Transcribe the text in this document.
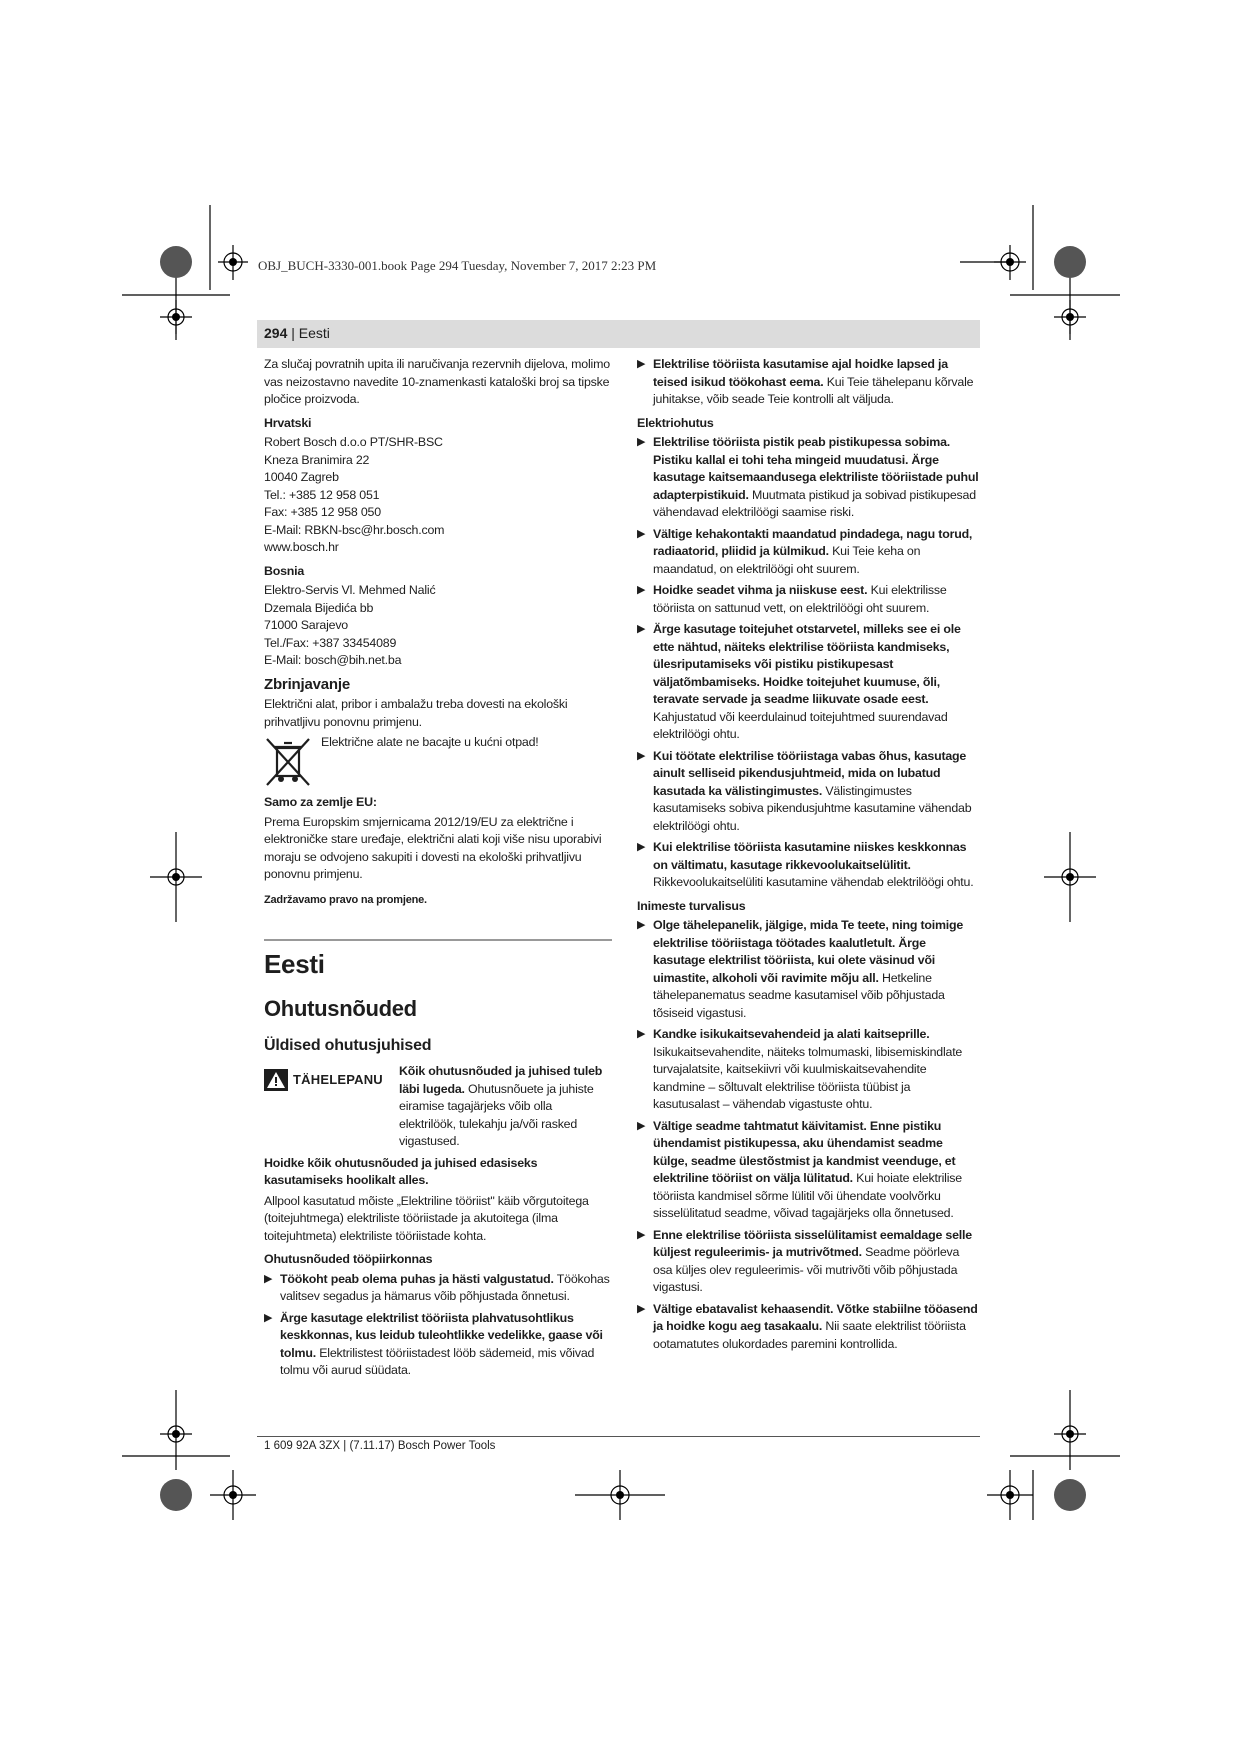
OBJ_BUCH-3330-001.book Page 294 Tuesday, November 7, 2017 2:23 PM
294 | Eesti

Za slučaj povratnih upita ili naručivanja rezervnih dijelova, molimo vas neizostavno navedite 10-znamenkasti kataloški broj sa tipske pločice proizvoda.

Hrvatski
Robert Bosch d.o.o PT/SHR-BSC
Kneza Branimira 22
10040 Zagreb
Tel.: +385 12 958 051
Fax: +385 12 958 050
E-Mail: RBKN-bsc@hr.bosch.com
www.bosch.hr
Bosnia
Elektro-Servis Vl. Mehmed Nalić
Dzemala Bijedića bb
71000 Sarajevo
Tel./Fax: +387 33454089
E-Mail: bosch@bih.net.ba
Zbrinjavanje

Električni alat, pribor i ambalažu treba dovesti na ekološki prihvatljivu ponovnu primjenu.

Električne alate ne bacajte u kućni otpad!
Samo za zemlje EU:

Prema Europskim smjernicama 2012/19/EU za električne i elektroničke stare uređaje, električni alati koji više nisu uporabivi moraju se odvojeno sakupiti i dovesti na ekološki prihvatljivu ponovnu primjenu.

Zadržavamo pravo na promjene.
Eesti
Ohutusnõuded
Üldised ohutusjuhised
TÄHELEPANU

Kõik ohutusnõuded ja juhised tuleb läbi lugeda. Ohutusnõuete ja juhiste eiramise tagajärjeks võib olla elektrilöök, tulekahju ja/või rasked vigastused.

Hoidke kõik ohutusnõuded ja juhised edasiseks kasutamiseks hoolikalt alles.

Allpool kasutatud mõiste „Elektriline tööriist" käib võrgutoitega (toitejuhtmega) elektriliste tööriistade ja akutoitega (ilma toitejuhtmeta) elektriliste tööriistade kohta.

Ohutusnõuded tööpiirkonnas
▶ Töökoht peab olema puhas ja hästi valgustatud. Töökohas valitsev segadus ja hämarus võib põhjustada õnnetusi.
▶ Ärge kasutage elektrilist tööriista plahvatusohtlikus keskkonnas, kus leidub tuleohtlikke vedelikke, gaase või tolmu. Elektrilistest tööriistadest lööb sädemeid, mis võivad tolmu või aurud süüdata.
▶ Elektrilise tööriista kasutamise ajal hoidke lapsed ja teised isikud töökohast eema. Kui Teie tähelepanu kõrvale juhitakse, võib seade Teie kontrolli alt väljuda.
Elektriohutus
▶ Elektrilise tööriista pistik peab pistikupessa sobima. Pistiku kallal ei tohi teha mingeid muudatusi. Ärge kasutage kaitsemaandusega elektriliste tööriistade puhul adapterpistikuid. Muutmata pistikud ja sobivad pistikupesad vähendavad elektrilöögi saamise riski.
▶ Vältige kehakontakti maandatud pindadega, nagu torud, radiaatorid, pliidid ja külmikud. Kui Teie keha on maandatud, on elektrilöögi oht suurem.
▶ Hoidke seadet vihma ja niiskuse eest. Kui elektrilisse tööriista on sattunud vett, on elektrilöögi oht suurem.
▶ Ärge kasutage toitejuhet otstarvetel, milleks see ei ole ette nähtud, näiteks elektrilise tööriista kandmiseks, ülesriputamiseks või pistiku pistikupesast väljatõmbamiseks. Hoidke toitejuhet kuumuse, õli, teravate servade ja seadme liikuvate osade eest. Kahjustatud või keerdulainud toitejuhtmed suurendavad elektrilöögi ohtu.
▶ Kui töötate elektrilise tööriistaga vabas õhus, kasutage ainult selliseid pikendusjuhtmeid, mida on lubatud kasutada ka välistingimustes. Välistingimustes kasutamiseks sobiva pikendusjuhtme kasutamine vähendab elektrilöögi ohtu.
▶ Kui elektrilise tööriista kasutamine niiskes keskkonnas on vältimatu, kasutage rikkevoolukaitselülitit. Rikkevoolukaitselüliti kasutamine vähendab elektrilöögi ohtu.
Inimeste turvalisus
▶ Olge tähelepanelik, jälgige, mida Te teete, ning toimige elektrilise tööriistaga töötades kaalutletult. Ärge kasutage elektrilist tööriista, kui olete väsinud või uimastite, alkoholi või ravimite mõju all. Hetkeline tähelepanematus seadme kasutamisel võib põhjustada tõsiseid vigastusi.
▶ Kandke isikukaitsevahendeid ja alati kaitseprille. Isikukaitsevahendite, näiteks tolmumaski, libisemiskindlate turvajalatsite, kaitsekiivri või kuulmiskaitsevahendite kandmine – sõltuvalt elektrilise tööriista tüübist ja kasutusalast – vähendab vigastuste ohtu.
▶ Vältige seadme tahtmatut käivitamist. Enne pistiku ühendamist pistikupessa, aku ühendamist seadme külge, seadme ülestõstmist ja kandmist veenduge, et elektriline tööriist on välja lülitatud. Kui hoiate elektrilise tööriista kandmisel sõrme lülitil või ühendate voolvõrku sisselülitatud seadme, võivad tagajärjeks olla õnnetused.
▶ Enne elektrilise tööriista sisselülitamist eemaldage selle küljest reguleerimis- ja mutrivõtmed. Seadme pöörleva osa küljes olev reguleerimis- või mutrivõti võib põhjustada vigastusi.
▶ Vältige ebatavalist kehaasendit. Võtke stabiilne tööasend ja hoidke kogu aeg tasakaalu. Nii saate elektrilist tööriista ootamatutes olukordades paremini kontrollida.
1 609 92A 3ZX | (7.11.17) Bosch Power Tools
